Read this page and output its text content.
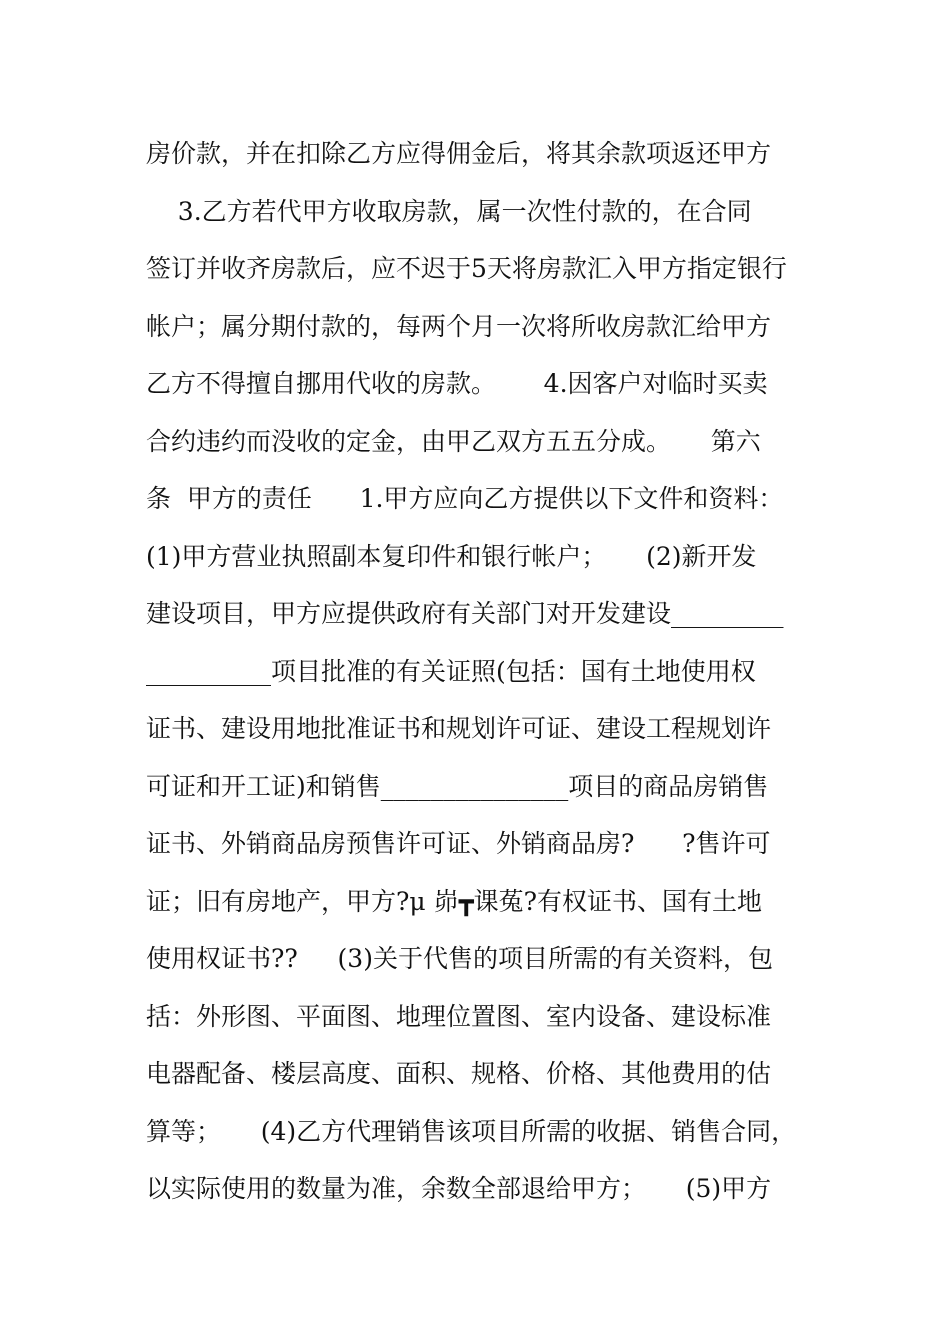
房价款，并在扣除乙方应得佣金后，将其余款项返还甲方
3.乙方若代甲方收取房款，属一次性付款的，在合同
签订并收齐房款后，应不迟于5天将房款汇入甲方指定银行
帐户；属分期付款的，每两个月一次将所收房款汇给甲方
乙方不得擅自挪用代收的房款。      4.因客户对临时买卖
合约违约而没收的定金，由甲乙双方五五分成。     第六
条  甲方的责任      1.甲方应向乙方提供以下文件和资料：
(1)甲方营业执照副本复印件和银行帐户；     (2)新开发
建设项目，甲方应提供政府有关部门对开发建设_________
__________项目批准的有关证照(包括：国有土地使用权
证书、建设用地批准证书和规划许可证、建设工程规划许
可证和开工证)和销售_______________项目的商品房销售
证书、外销商品房预售许可证、外销商品房?      ?售许可
证；旧有房地产，甲方?μ 峁┳课菟?有权证书、国有土地
使用权证书??     (3)关于代售的项目所需的有关资料，包
括：外形图、平面图、地理位置图、室内设备、建设标准
电器配备、楼层高度、面积、规格、价格、其他费用的估
算等；     (4)乙方代理销售该项目所需的收据、销售合同，
以实际使用的数量为准，余数全部退给甲方；     (5)甲方
